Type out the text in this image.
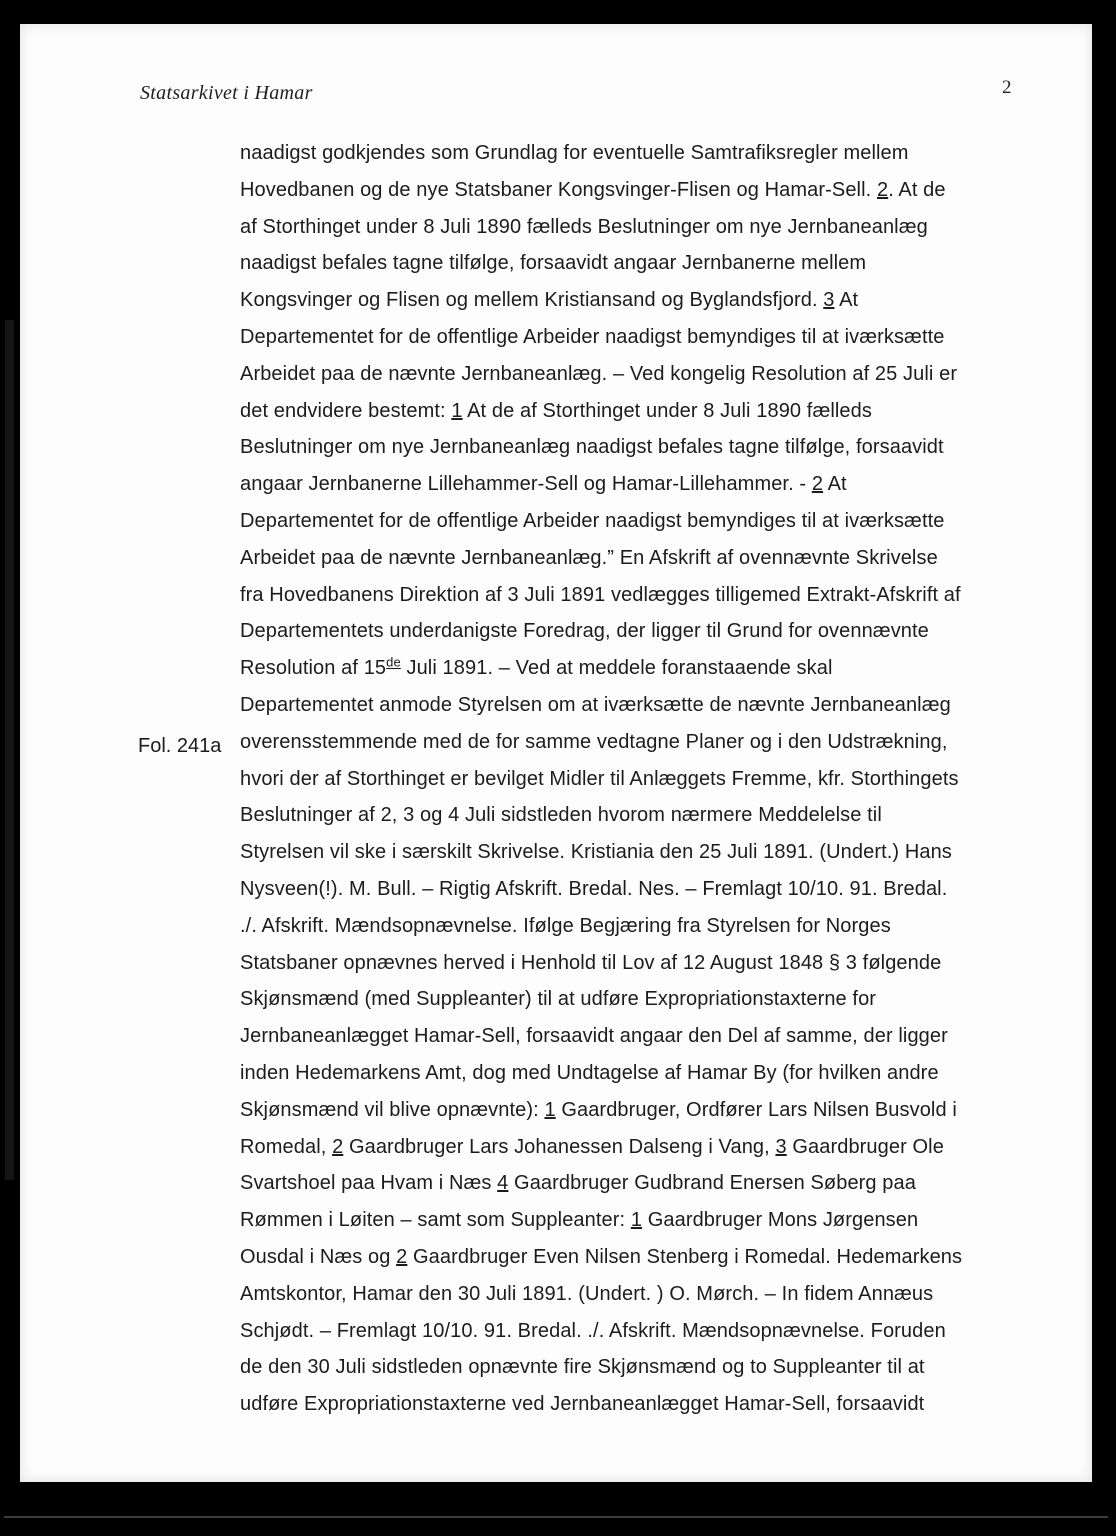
Statsarkivet i Hamar	2
Fol. 241a
naadigst godkjendes som Grundlag for eventuelle Samtrafiksregler mellem
Hovedbanen og de nye Statsbaner Kongsvinger-Flisen og Hamar-Sell. 2. At de
af Storthinget under 8 Juli 1890 fælleds Beslutninger om nye Jernbaneanlæg
naadigst befales tagne tilfølge, forsaavidt angaar Jernbanerne mellem
Kongsvinger og Flisen og mellem Kristiansand og Byglandsfjord. 3 At
Departementet for de offentlige Arbeider naadigst bemyndiges til at iværksætte
Arbeidet paa de nævnte Jernbaneanlæg. – Ved kongelig Resolution af 25 Juli er
det endvidere bestemt: 1 At de af Storthinget under 8 Juli 1890 fælleds
Beslutninger om nye Jernbaneanlæg naadigst befales tagne tilfølge, forsaavidt
angaar Jernbanerne Lillehammer-Sell og Hamar-Lillehammer. - 2 At
Departementet for de offentlige Arbeider naadigst bemyndiges til at iværksætte
Arbeidet paa de nævnte Jernbaneanlæg.” En Afskrift af ovennævnte Skrivelse
fra Hovedbanens Direktion af 3 Juli 1891 vedlægges tilligemed Extrakt-Afskrift af
Departementets underdanigste Foredrag, der ligger til Grund for ovennævnte
Resolution af 15de Juli 1891. – Ved at meddele foranstaaende skal
Departementet anmode Styrelsen om at iværksætte de nævnte Jernbaneanlæg
overensstemmende med de for samme vedtagne Planer og i den Udstrækning,
hvori der af Storthinget er bevilget Midler til Anlæggets Fremme, kfr. Storthingets
Beslutninger af 2, 3 og 4 Juli sidstleden hvorom nærmere Meddelelse til
Styrelsen vil ske i særskilt Skrivelse. Kristiania den 25 Juli 1891. (Undert.) Hans
Nysveen(!). M. Bull. – Rigtig Afskrift. Bredal. Nes. – Fremlagt 10/10. 91. Bredal.
./. Afskrift. Mændsopnævnelse. Ifølge Begjæring fra Styrelsen for Norges
Statsbaner opnævnes herved i Henhold til Lov af 12 August 1848 § 3 følgende
Skjønsmænd (med Suppleanter) til at udføre Expropriationstaxterne for
Jernbaneanlægget Hamar-Sell, forsaavidt angaar den Del af samme, der ligger
inden Hedemarkens Amt, dog med Undtagelse af Hamar By (for hvilken andre
Skjønsmænd vil blive opnævnte): 1 Gaardbruger, Ordfører Lars Nilsen Busvold i
Romedal, 2 Gaardbruger Lars Johanessen Dalseng i Vang, 3 Gaardbruger Ole
Svartshoel paa Hvam i Næs 4 Gaardbruger Gudbrand Enersen Søberg paa
Rømmen i Løiten – samt som Suppleanter: 1 Gaardbruger Mons Jørgensen
Ousdal i Næs og 2 Gaardbruger Even Nilsen Stenberg i Romedal. Hedemarkens
Amtskontor, Hamar den 30 Juli 1891. (Undert. ) O. Mørch. – In fidem Annæus
Schjødt. – Fremlagt 10/10. 91. Bredal. ./. Afskrift. Mændsopnævnelse. Foruden
de den 30 Juli sidstleden opnævnte fire Skjønsmænd og to Suppleanter til at
udføre Expropriationstaxterne ved Jernbaneanlægget Hamar-Sell, forsaavidt
